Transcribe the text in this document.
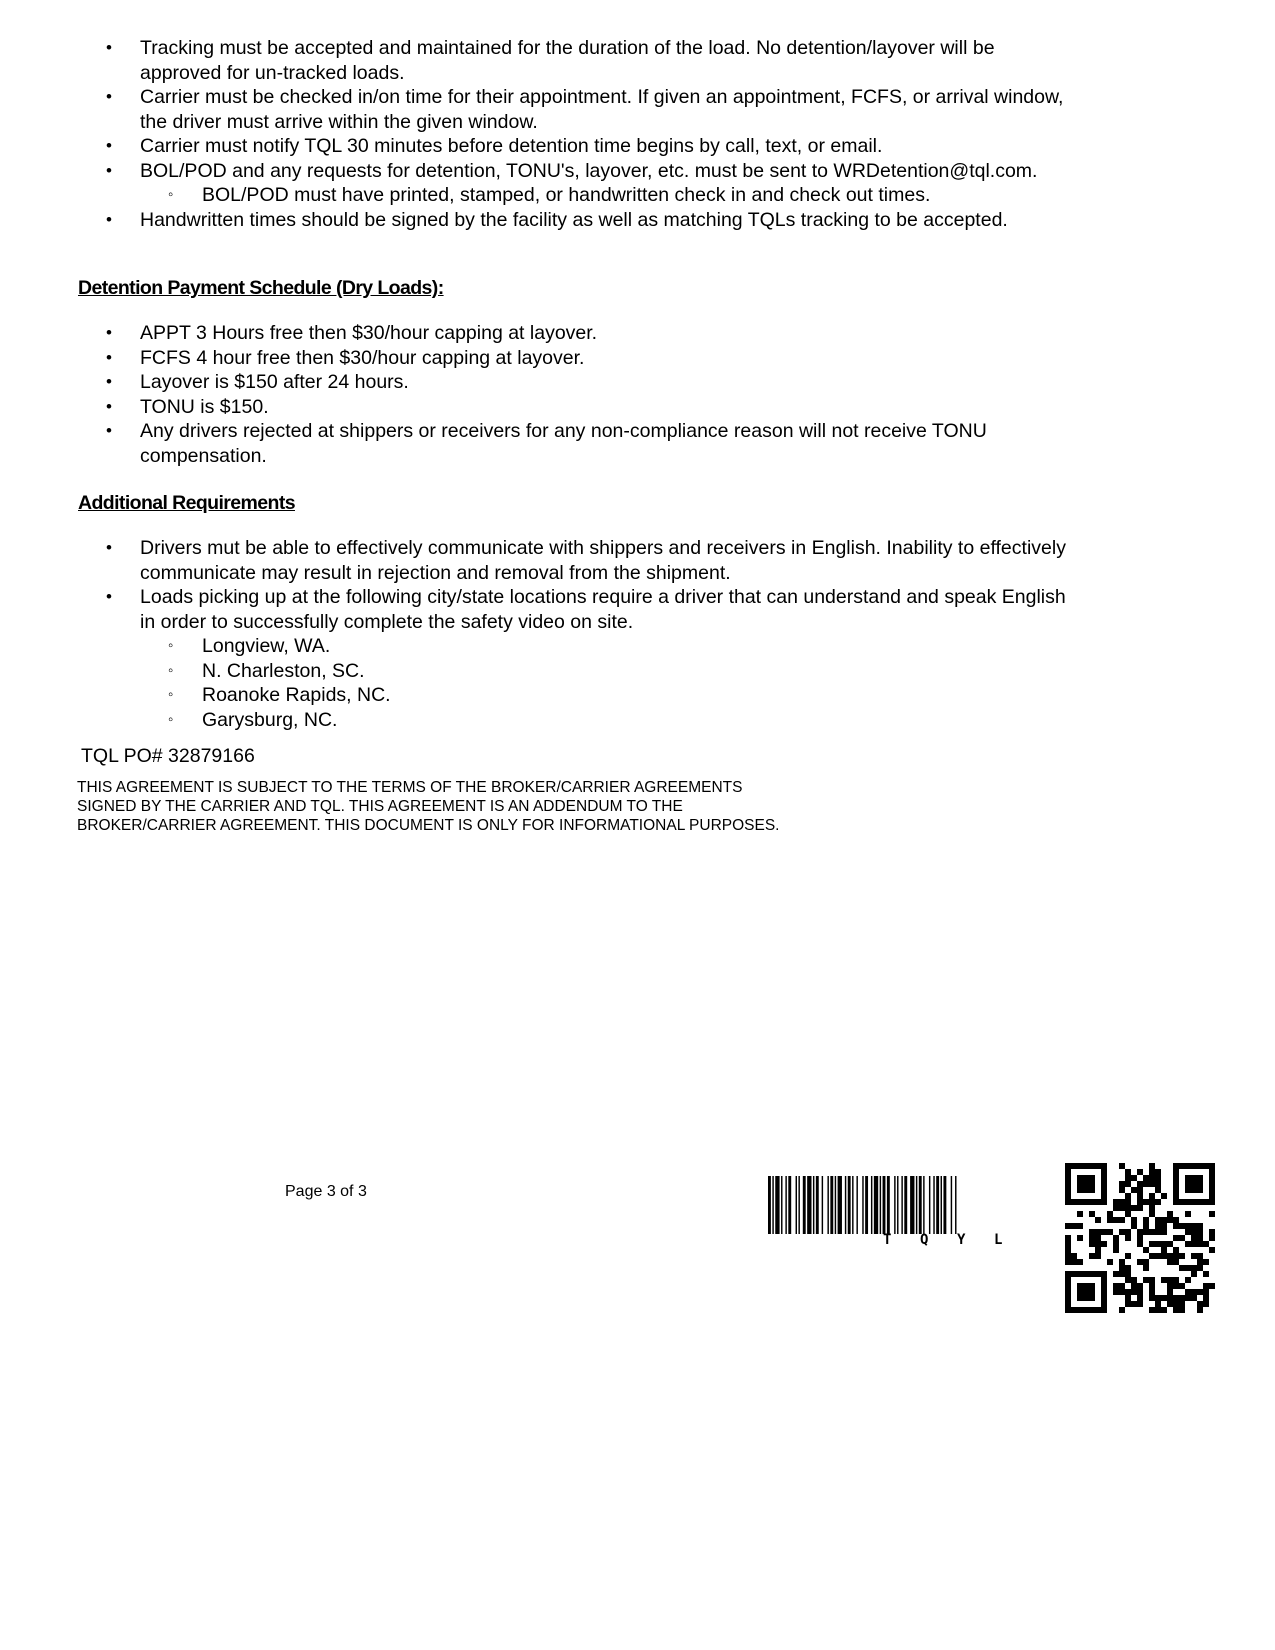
• Tracking must be accepted and maintained for the duration of the load. No detention/layover will be approved for un-tracked loads.
• Carrier must be checked in/on time for their appointment. If given an appointment, FCFS, or arrival window, the driver must arrive within the given window.
• Carrier must notify TQL 30 minutes before detention time begins by call, text, or email.
• BOL/POD and any requests for detention, TONU's, layover, etc. must be sent to WRDetention@tql.com.
◦ BOL/POD must have printed, stamped, or handwritten check in and check out times.
• Handwritten times should be signed by the facility as well as matching TQLs tracking to be accepted.
Detention Payment Schedule (Dry Loads):
• APPT 3 Hours free then $30/hour capping at layover.
• FCFS 4 hour free then $30/hour capping at layover.
• Layover is $150 after 24 hours.
• TONU is $150.
• Any drivers rejected at shippers or receivers for any non-compliance reason will not receive TONU compensation.
Additional Requirements
• Drivers mut be able to effectively communicate with shippers and receivers in English. Inability to effectively communicate may result in rejection and removal from the shipment.
• Loads picking up at the following city/state locations require a driver that can understand and speak English in order to successfully complete the safety video on site.
◦ Longview, WA.
◦ N. Charleston, SC.
◦ Roanoke Rapids, NC.
◦ Garysburg, NC.
TQL PO# 32879166
THIS AGREEMENT IS SUBJECT TO THE TERMS OF THE BROKER/CARRIER AGREEMENTS SIGNED BY THE CARRIER AND TQL. THIS AGREEMENT IS AN ADDENDUM TO THE BROKER/CARRIER AGREEMENT. THIS DOCUMENT IS ONLY FOR INFORMATIONAL PURPOSES.
Page 3 of 3
T Q Y L
